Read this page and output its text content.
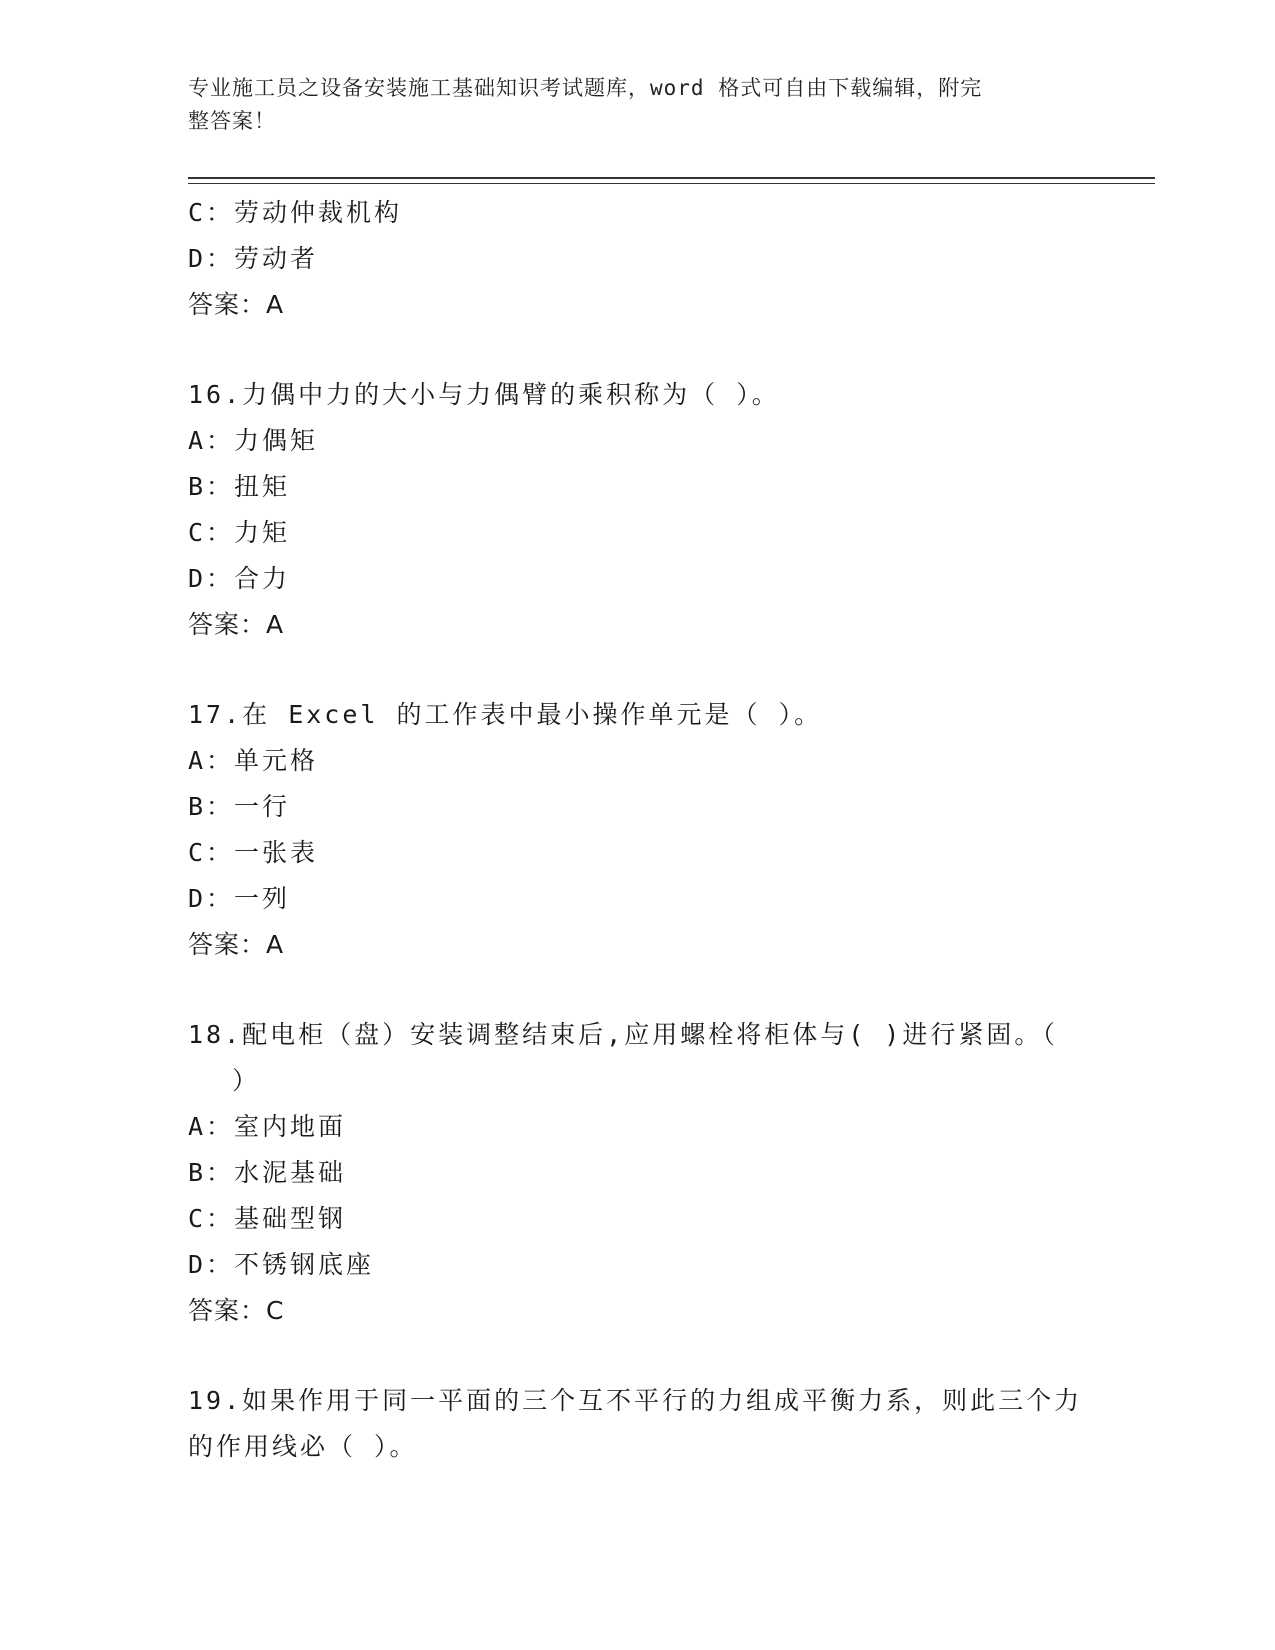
专业施工员之设备安装施工基础知识考试题库，word 格式可自由下载编辑，附完
整答案！
C：劳动仲裁机构
D：劳动者
答案：A
16.力偶中力的大小与力偶臂的乘积称为（ ）。
A：力偶矩
B：扭矩
C：力矩
D：合力
答案：A
17.在 Excel 的工作表中最小操作单元是（ ）。
A：单元格
B：一行
C：一张表
D：一列
答案：A
18.配电柜（盘）安装调整结束后,应用螺栓将柜体与( )进行紧固。（ ）
A：室内地面
B：水泥基础
C：基础型钢
D：不锈钢底座
答案：C
19.如果作用于同一平面的三个互不平行的力组成平衡力系，则此三个力的作用线必（ ）。
